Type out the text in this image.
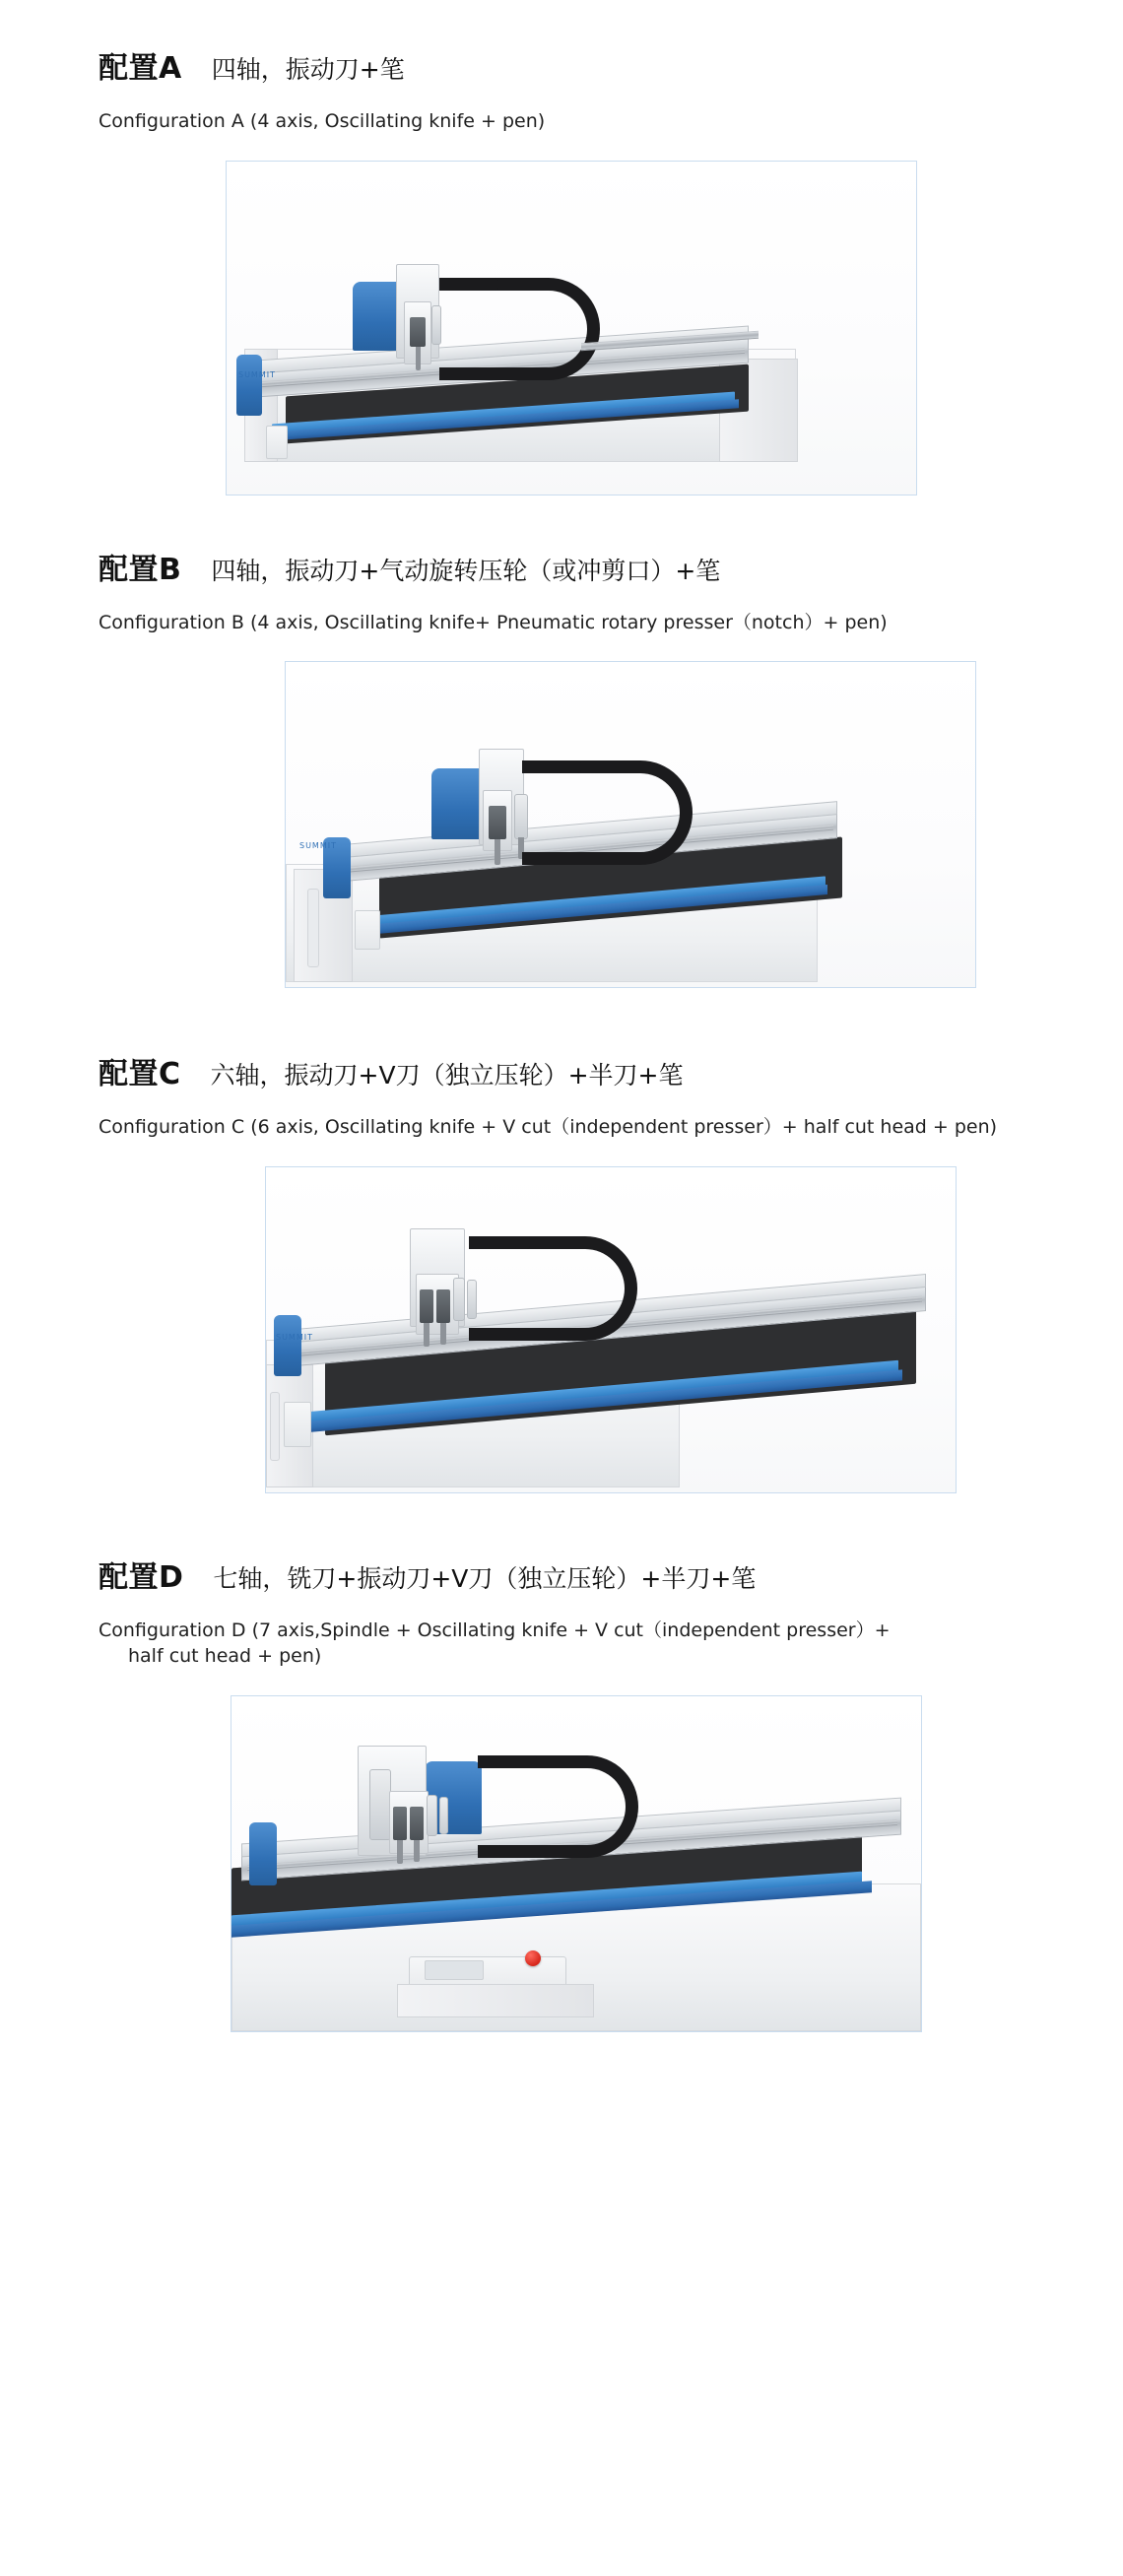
配置A 四轴，振动刀+笔
Configuration A (4 axis, Oscillating knife + pen)
SUMMIT
配置B 四轴，振动刀+气动旋转压轮（或冲剪口）+笔
Configuration B (4 axis, Oscillating knife+ Pneumatic rotary presser（notch）+ pen)
SUMMIT
配置C 六轴，振动刀+V刀（独立压轮）+半刀+笔
Configuration C (6 axis, Oscillating knife + V cut（independent presser）+ half cut head + pen)
SUMMIT
配置D 七轴，铣刀+振动刀+V刀（独立压轮）+半刀+笔
Configuration D (7 axis,Spindle + Oscillating knife + V cut（independent presser）+
half cut head + pen)
